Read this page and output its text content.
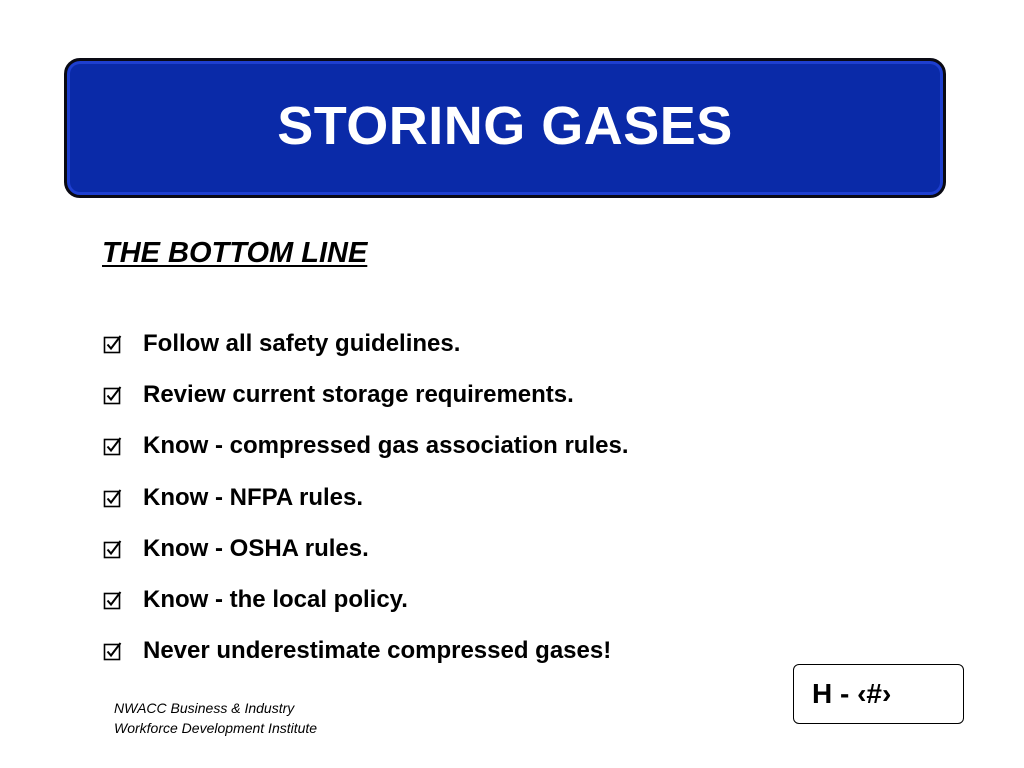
STORING GASES
THE BOTTOM LINE
Follow all safety guidelines.
Review current storage requirements.
Know - compressed gas association rules.
Know - NFPA rules.
Know - OSHA rules.
Know - the local policy.
Never underestimate compressed gases!
NWACC Business & Industry
Workforce Development Institute
H - ‹#›
